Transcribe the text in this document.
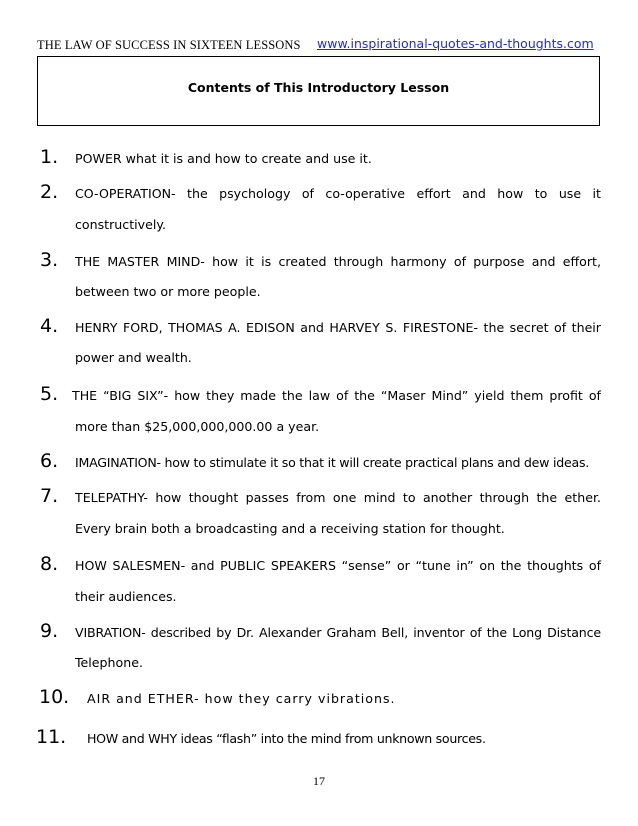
THE LAW OF SUCCESS IN SIXTEEN LESSONS www.inspirational-quotes-and-thoughts.com
Contents of This Introductory Lesson
1. POWER what it is and how to create and use it.
2. CO-OPERATION- the psychology of co-operative effort and how to use it
constructively.
3. THE MASTER MIND- how it is created through harmony of purpose and effort,
between two or more people.
4. HENRY FORD, THOMAS A. EDISON and HARVEY S. FIRESTONE- the secret of their
power and wealth.
5. THE “BIG SIX”- how they made the law of the “Maser Mind” yield them profit of
more than $25,000,000,000.00 a year.
6. IMAGINATION- how to stimulate it so that it will create practical plans and dew ideas.
7. TELEPATHY- how thought passes from one mind to another through the ether.
Every brain both a broadcasting and a receiving station for thought.
8. HOW SALESMEN- and PUBLIC SPEAKERS “sense” or “tune in” on the thoughts of
their audiences.
9. VIBRATION- described by Dr. Alexander Graham Bell, inventor of the Long Distance
Telephone.
10. AIR and ETHER- how they carry vibrations.
11. HOW and WHY ideas “flash” into the mind from unknown sources.
17
